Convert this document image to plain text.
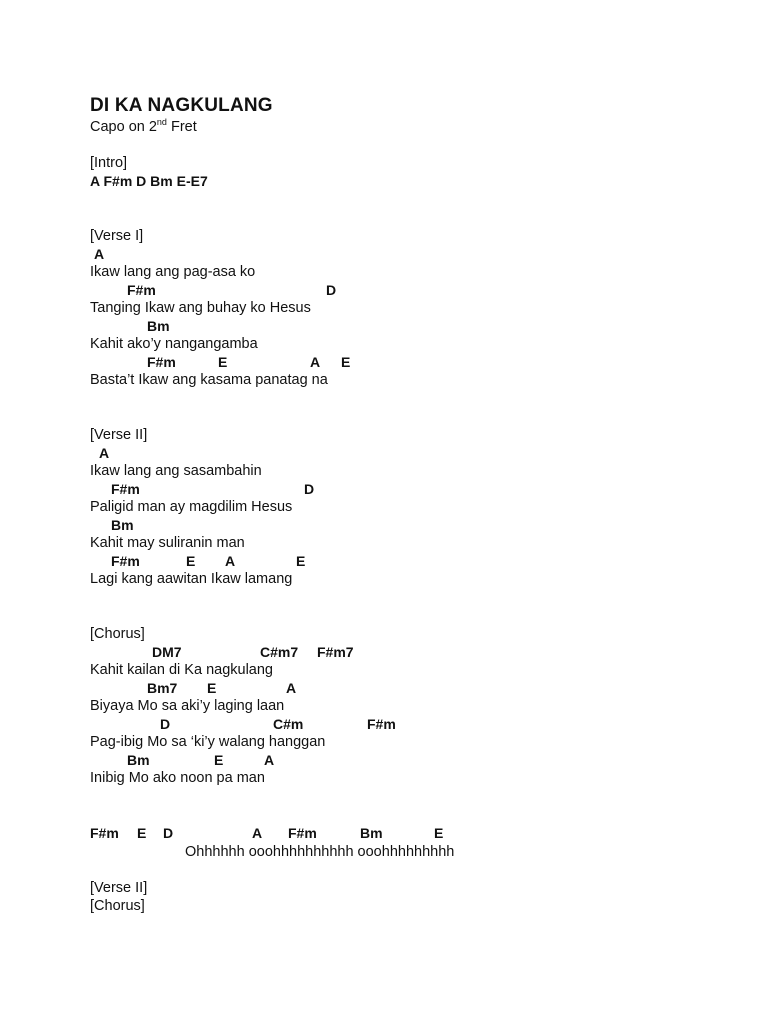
DI KA NAGKULANG
Capo on 2nd Fret
[Intro]
A F#m D Bm E-E7
[Verse I]

A

Ikaw lang ang pag-asa ko

F#m

	D

Tanging Ikaw ang buhay ko Hesus

Bm

Kahit ako’y nangangamba

F#m

	E

	A

E

Basta’t Ikaw ang kasama panatag na
[Verse II]

A

Ikaw lang ang sasambahin

F#m

	D

Paligid man ay magdilim Hesus

Bm

Kahit may suliranin man

F#m

	E

A

	E

Lagi kang aawitan Ikaw lamang
[Chorus]

DM7

	C#m7

F#m7

Kahit kailan di Ka nagkulang

Bm7

E

	A

Biyaya Mo sa aki’y laging laan

D

	C#m

	F#m

Pag-ibig Mo sa ‘ki’y walang hanggan

Bm

	E

	A

Inibig Mo ako noon pa man

F#m

E

D

	A

F#m

	Bm

	E

Ohhhhhh ooohhhhhhhhhh ooohhhhhhhhh
[Verse II]
[Chorus]
